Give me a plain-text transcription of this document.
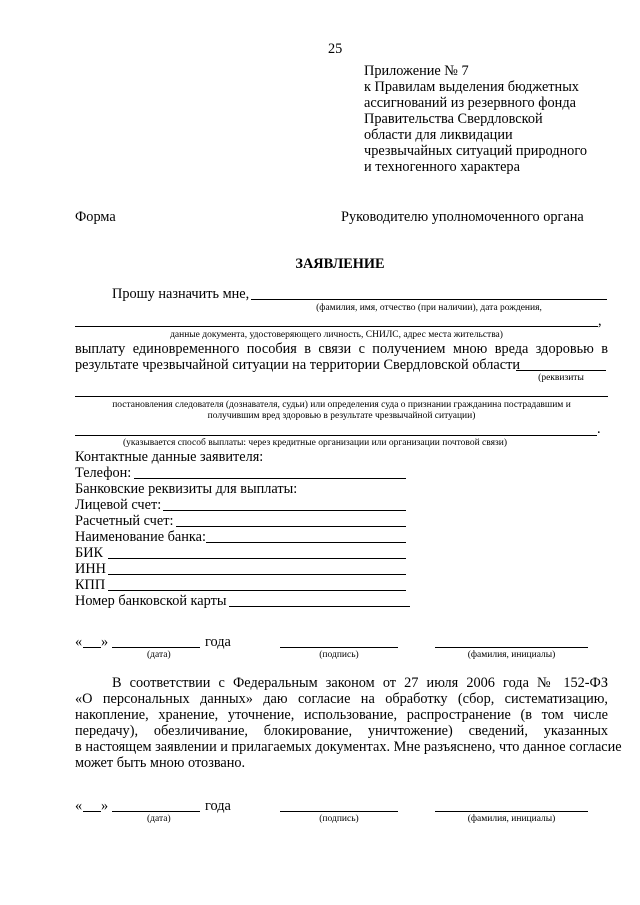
25
Приложение № 7
к Правилам выделения бюджетных
ассигнований из резервного фонда
Правительства Свердловской
области для ликвидации
чрезвычайных ситуаций природного
и техногенного характера
Форма	Руководителю уполномоченного органа
ЗАЯВЛЕНИЕ
Прошу назначить мне,
(фамилия, имя, отчество (при наличии), дата рождения,
,
данные документа, удостоверяющего личность, СНИЛС, адрес места жительства)
выплату единовременного пособия в связи с получением мною вреда здоровью в
результате чрезвычайной ситуации на территории Свердловской области
(реквизиты
постановления следователя (дознавателя, судьи) или определения суда о признании гражданина пострадавшим и
получившим вред здоровью в результате чрезвычайной ситуации)
.
(указывается способ выплаты: через кредитные организации или организации почтовой связи)
Контактные данные заявителя:
Телефон:
Банковские реквизиты для выплаты:
Лицевой счет:
Расчетный счет:
Наименование банка:
БИК
ИНН
КПП
Номер банковской карты
« »	года
(дата)	(подпись)	(фамилия, инициалы)
В соответствии с Федеральным законом от 27 июля 2006 года № 152-ФЗ
«О персональных данных» даю согласие на обработку (сбор, систематизацию,
накопление, хранение, уточнение, использование, распространение (в том числе
передачу), обезличивание, блокирование, уничтожение) сведений, указанных
в настоящем заявлении и прилагаемых документах. Мне разъяснено, что данное согласие
может быть мною отозвано.
« »	года
(дата)	(подпись)	(фамилия, инициалы)
